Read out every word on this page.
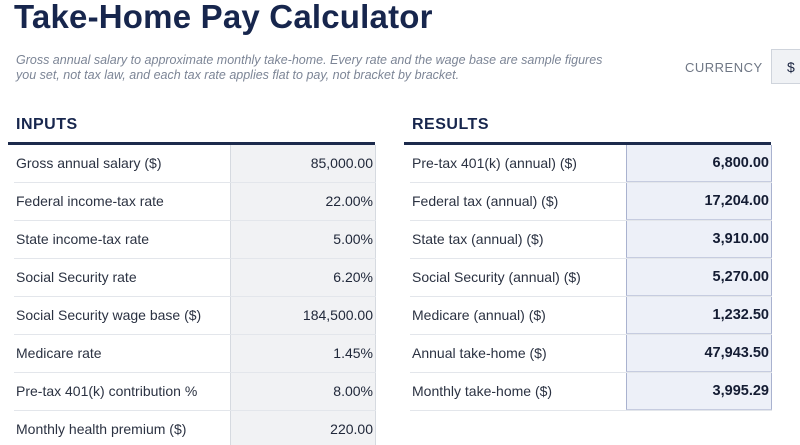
Take-Home Pay Calculator
Gross annual salary to approximate monthly take-home. Every rate and the wage base are sample figures you set, not tax law, and each tax rate applies flat to pay, not bracket by bracket.	CURRENCY	$
INPUTS
Gross annual salary ($)	85,000.00
Federal income-tax rate	22.00%
State income-tax rate	5.00%
Social Security rate	6.20%
Social Security wage base ($)	184,500.00
Medicare rate	1.45%
Pre-tax 401(k) contribution %	8.00%
Monthly health premium ($)	220.00
RESULTS
Pre-tax 401(k) (annual) ($)	6,800.00
Federal tax (annual) ($)	17,204.00
State tax (annual) ($)	3,910.00
Social Security (annual) ($)	5,270.00
Medicare (annual) ($)	1,232.50
Annual take-home ($)	47,943.50
Monthly take-home ($)	3,995.29
